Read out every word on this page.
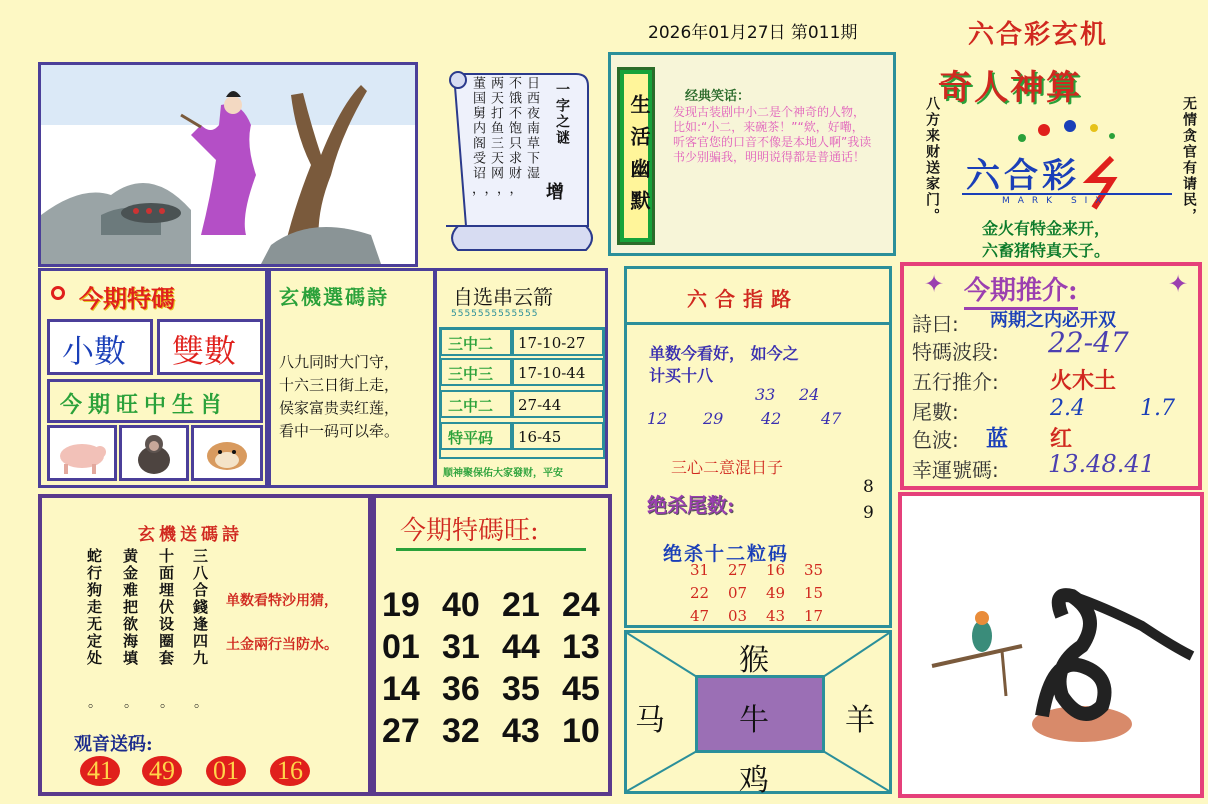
2026年01月27日 第011期	六合彩玄机
一字之谜
日西夜南草下湿
不饿不饱只求财
两天打鱼三天网
董国舅内阁受诏
，，，， 增	生活幽默	经典笑话：
发现古装剧中小二是个神奇的人物，比如:“小二，来碗茶！”“欸，好嘞，听客官您的口音不像是本地人啊”我读书少别骗我，明明说得都是普通话！
奇人神算
八方来财送家门。	无情贪官有请民，
六合彩
MARK SIX
金火有特金来开，
六畜猪特真天子。
今期特碼
小數 雙數
今期旺中生肖
玄機選碼詩
八九同时大门守，
十六三日街上走，
侯家富贵卖红莲，
看中一码可以牵。
自选串云箭
5555555555555
顺神聚保佑大家發财，平安
三中二 17-10-27
三中三 17-10-44
二中二 27-44
特平码 16-45
六合指路
单数今看好， 如今之
计买十八
33 24
12 29 42 47
三心二意混日子
绝杀尾数:
8
9
绝杀十二粒码
31 27 16 35
22 07 49 15
47 03 43 17
猴
马 牛	羊
鸡
✦	✦
今期推介:
詩曰: 两期之内必开双
特碼波段: 22-47
五行推介: 火木土
尾數:	2.4	1.7
色波: 蓝 红
幸運號碼: 13.48.41
玄機送碼詩
三八合錢逢四九
十面埋伏设圈套
黄金难把欲海填
蛇行狗走无定处
。
。
。
。
单数看特沙用猜，
土金兩行当防水。
观音送码:
41 49 01 16
今期特碼旺:
19 40 21 24
01 31 44 13
14 36 35 45
27 32 43 10
